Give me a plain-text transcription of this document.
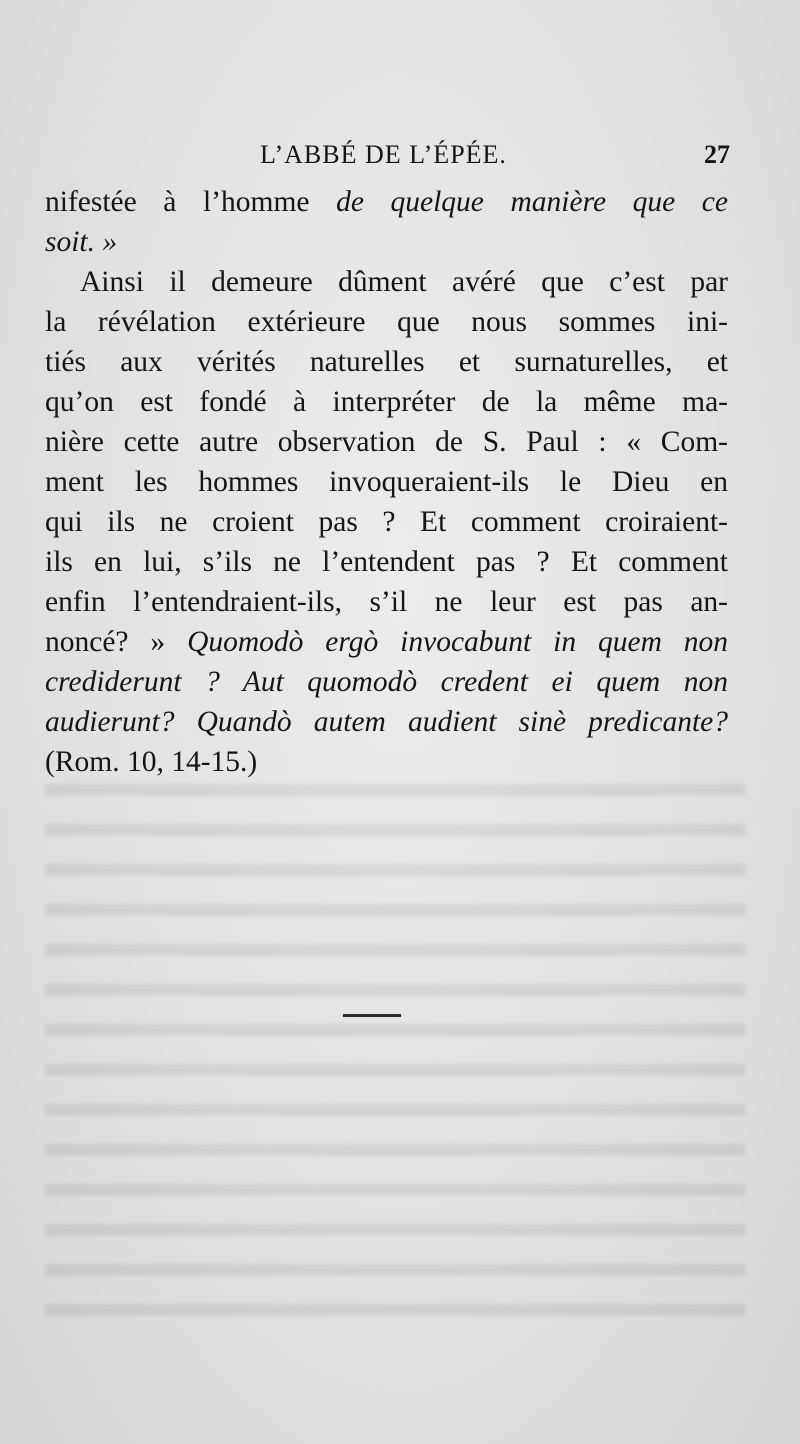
L’ABBÉ DE L’ÉPÉE.	27
nifestée à l’homme de quelque manière que ce
soit. »
Ainsi il demeure dûment avéré que c’est par
la révélation extérieure que nous sommes ini-
tiés aux vérités naturelles et surnaturelles, et
qu’on est fondé à interpréter de la même ma-
nière cette autre observation de S. Paul : « Com-
ment les hommes invoqueraient-ils le Dieu en
qui ils ne croient pas ? Et comment croiraient-
ils en lui, s’ils ne l’entendent pas ? Et comment
enfin l’entendraient-ils, s’il ne leur est pas an-
noncé? » Quomodò ergò invocabunt in quem non
crediderunt ? Aut quomodò credent ei quem non
audierunt? Quandò autem audient sinè predicante?
(Rom. 10, 14-15.)
